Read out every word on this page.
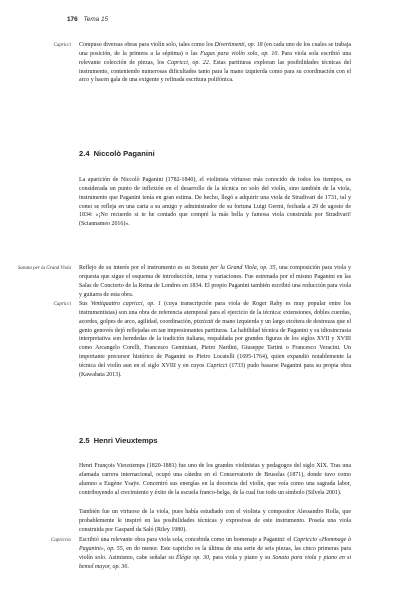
176 Tema 15
Capricci Compuso diversas obras para violín solo, tales como los Divertimenti, op. 18 (en cada uno de los cuales se trabaja una posición, de la primera a la séptima) o las Fugas para violín solo, op. 10. Para viola sola escribió una relevante colección de piezas, los Capricci, op. 22. Estas partituras exploran las posibilidades técnicas del instrumento, conteniendo numerosas dificultades tanto para la mano izquierda como para su coordinación con el arco y hacen gala de una exigente y refinada escritura polifónica.

2.4 Niccolò Paganini

La aparición de Niccolò Paganini (1782-1840), el violinista virtuoso más conocido de todos los tiempos, es considerada un punto de inflexión en el desarrollo de la técnica no solo del violín, sino también de la viola, instrumento que Paganini tenía en gran estima. De hecho, llegó a adquirir una viola de Stradivari de 1731, tal y como se refleja en una carta a su amigo y administrador de su fortuna Luigi Germi, fechada a 29 de agosto de 1834: «¡No recuerdo si te he contado que compré la más bella y famosa viola construida por Stradivari! (Sciannameo 2016)».

Sonata per la Grand Viola Reflejo de su interés por el instrumento es su Sonata per la Grand Viola, op. 35, una composición para viola y orquesta que sigue el esquema de introducción, tema y variaciones. Fue estrenada por el mismo Paganini en las Salas de Concierto de la Reina de Londres en 1834. El propio Paganini también escribió una reducción para viola y guitarra de esta obra.

Capricci Sus Ventiquattro capricci, op. 1 (cuya transcripción para viola de Roger Raby es muy popular entre los instrumentistas) son una obra de referencia atemporal para el ejercicio de la técnica: extensiones, dobles cuerdas, acordes, golpes de arco, agilidad, coordinación, pizzicati de mano izquierda y un largo etcétera de destrezas que el genio genovés dejó reflejadas en tan impresionantes partituras. La habilidad técnica de Paganini y su idiosincrasia interpretativa son herededas de la tradición italiana, respaldada por grandes figuras de los siglos XVII y XVIII como Arcangelo Corelli, Francesco Geminiani, Pietro Nardini, Giuseppe Tartini o Francesco Veracini. Un importante precursor histórico de Paganini es Pietro Locatelli (1695-1764), quien expandió notablemente la técnica del violín aun en el siglo XVIII y en cuyos Capricci (1733) pudo basarse Paganini para su propia obra (Kawabata 2013).

2.5 Henri Vieuxtemps

Henri François Vieuxtemps (1820-1881) fue uno de los grandes violinistas y pedagogos del siglo XIX. Tras una afamada carrera internacional, ocupó una cátedra en el Conservatorio de Bruselas (1871), donde tuvo como alumno a Eugène Ysaÿe. Concentró sus energías en la docencia del violín, que veía como una sagrada labor, contribuyendo al crecimiento y éxito de la escuela franco-belga, de la cual fue todo un símbolo (Silvela 2001).

También fue un virtuoso de la viola, pues había estudiado con el violista y compositor Alessandro Rolla, que probablemente le inspiró en las posibilidades técnicas y expresivas de este instrumento. Poseía una viola construida por Gaspard da Saló (Riley 1980).

Capriccio Escribió una relevante obra para viola sola, concebida como un homenaje a Paganini: el Capriccio «Hommage à Paganini», op. 55, en do menor. Este capricho es la última de una serie de seis piezas, las cinco primeras para violín solo. Asimismo, cabe señalar su Élégie op. 30, para viola y piano y su Sonata para viola y piano en si bemol mayor, op. 36.
